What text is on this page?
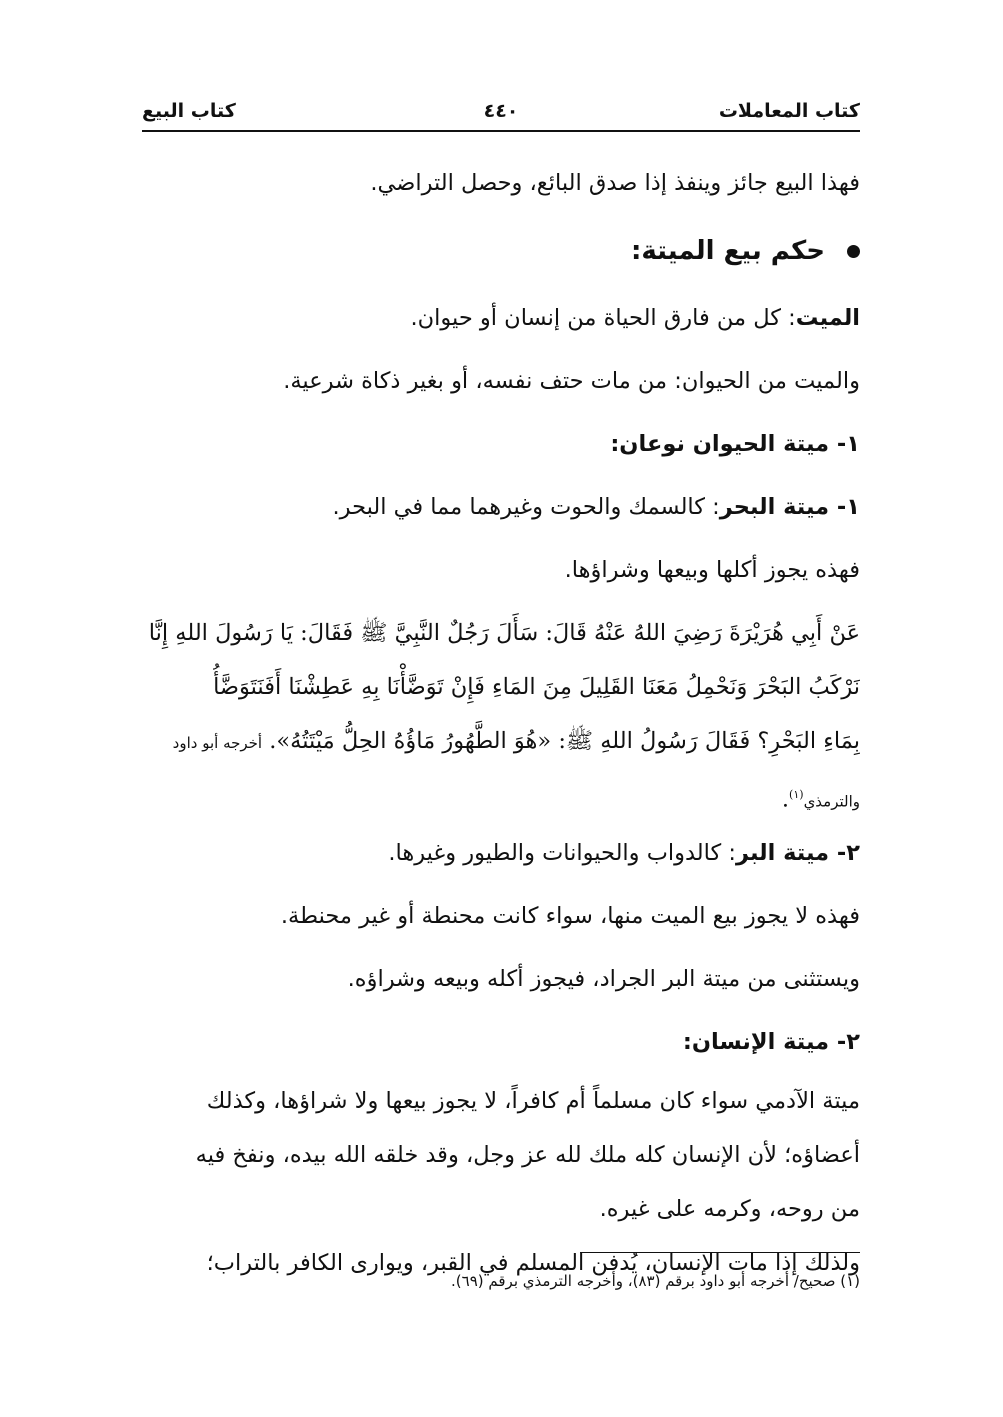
كتاب المعاملات
٤٤٠
كتاب البيع
فهذا البيع جائز وينفذ إذا صدق البائع، وحصل التراضي.
حكم بيع الميتة:
الميت: كل من فارق الحياة من إنسان أو حيوان.
والميت من الحيوان: من مات حتف نفسه، أو بغير ذكاة شرعية.
١- ميتة الحيوان نوعان:
١- ميتة البحر: كالسمك والحوت وغيرهما مما في البحر.
فهذه يجوز أكلها وبيعها وشراؤها.
عَنْ أَبِي هُرَيْرَةَ رَضِيَ اللهُ عَنْهُ قَالَ: سَأَلَ رَجُلٌ النَّبِيَّ ﷺ فَقَالَ: يَا رَسُولَ اللهِ إِنَّا
نَرْكَبُ البَحْرَ وَنَحْمِلُ مَعَنَا القَلِيلَ مِنَ المَاءِ فَإِنْ تَوَضَّأْنَا بِهِ عَطِشْنَا أَفَنَتَوَضَّأُ
بِمَاءِ البَحْرِ؟ فَقَالَ رَسُولُ اللهِ ﷺ: «هُوَ الطَّهُورُ مَاؤُهُ الحِلُّ مَيْتَتُهُ». أخرجه أبو داود
والترمذي$^{(١)}$.
٢- ميتة البر: كالدواب والحيوانات والطيور وغيرها.
فهذه لا يجوز بيع الميت منها، سواء كانت محنطة أو غير محنطة.
ويستثنى من ميتة البر الجراد، فيجوز أكله وبيعه وشراؤه.
٢- ميتة الإنسان:
ميتة الآدمي سواء كان مسلماً أم كافراً، لا يجوز بيعها ولا شراؤها، وكذلك
أعضاؤه؛ لأن الإنسان كله ملك لله عز وجل، وقد خلقه الله بيده، ونفخ فيه
من روحه، وكرمه على غيره.
ولذلك إذا مات الإنسان، يُدفن المسلم في القبر، ويوارى الكافر بالتراب؛
(١) صحيح/ أخرجه أبو داود برقم (٨٣)، وأخرجه الترمذي برقم (٦٩).
